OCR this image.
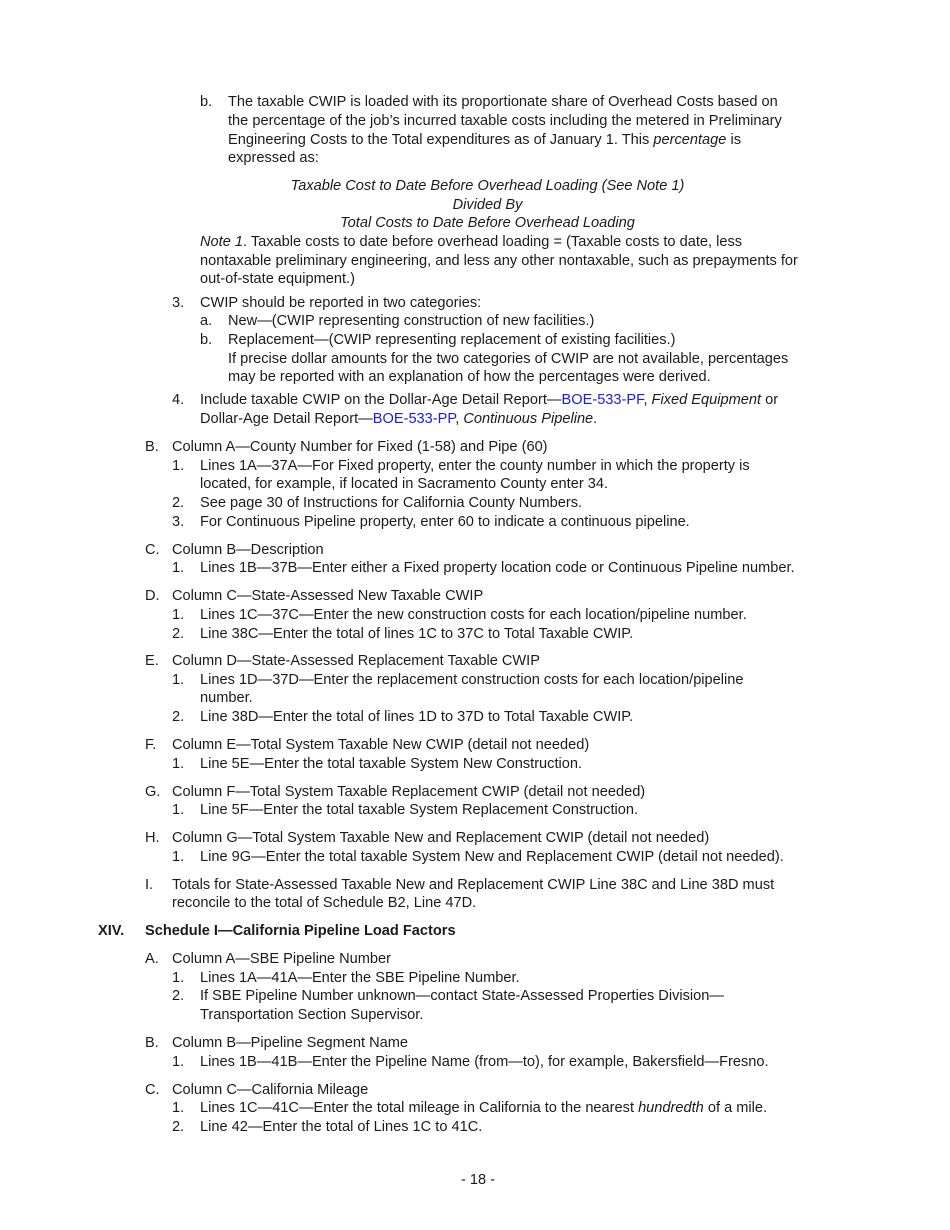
b. The taxable CWIP is loaded with its proportionate share of Overhead Costs based on
the percentage of the job’s incurred taxable costs including the metered in Preliminary
Engineering Costs to the Total expenditures as of January 1. This percentage is
expressed as:
Taxable Cost to Date Before Overhead Loading (See Note 1)
Divided By
Total Costs to Date Before Overhead Loading
Note 1. Taxable costs to date before overhead loading = (Taxable costs to date, less
nontaxable preliminary engineering, and less any other nontaxable, such as prepayments for
out-of-state equipment.)
3. CWIP should be reported in two categories:
a. New—(CWIP representing construction of new facilities.)
b. Replacement—(CWIP representing replacement of existing facilities.)
If precise dollar amounts for the two categories of CWIP are not available, percentages
may be reported with an explanation of how the percentages were derived.
4. Include taxable CWIP on the Dollar-Age Detail Report—BOE-533-PF, Fixed Equipment or
Dollar-Age Detail Report—BOE-533-PP, Continuous Pipeline.
B. Column A—County Number for Fixed (1-58) and Pipe (60)
1. Lines 1A—37A—For Fixed property, enter the county number in which the property is
located, for example, if located in Sacramento County enter 34.
2. See page 30 of Instructions for California County Numbers.
3. For Continuous Pipeline property, enter 60 to indicate a continuous pipeline.
C. Column B—Description
1. Lines 1B—37B—Enter either a Fixed property location code or Continuous Pipeline number.
D. Column C—State-Assessed New Taxable CWIP
1. Lines 1C—37C—Enter the new construction costs for each location/pipeline number.
2. Line 38C—Enter the total of lines 1C to 37C to Total Taxable CWIP.
E. Column D—State-Assessed Replacement Taxable CWIP
1. Lines 1D—37D—Enter the replacement construction costs for each location/pipeline
number.
2. Line 38D—Enter the total of lines 1D to 37D to Total Taxable CWIP.
F. Column E—Total System Taxable New CWIP (detail not needed)
1. Line 5E—Enter the total taxable System New Construction.
G. Column F—Total System Taxable Replacement CWIP (detail not needed)
1. Line 5F—Enter the total taxable System Replacement Construction.
H. Column G—Total System Taxable New and Replacement CWIP (detail not needed)
1. Line 9G—Enter the total taxable System New and Replacement CWIP (detail not needed).
I. Totals for State-Assessed Taxable New and Replacement CWIP Line 38C and Line 38D must
reconcile to the total of Schedule B2, Line 47D.
XIV. Schedule I—California Pipeline Load Factors
A. Column A—SBE Pipeline Number
1. Lines 1A—41A—Enter the SBE Pipeline Number.
2. If SBE Pipeline Number unknown—contact State-Assessed Properties Division—
Transportation Section Supervisor.
B. Column B—Pipeline Segment Name
1. Lines 1B—41B—Enter the Pipeline Name (from—to), for example, Bakersfield—Fresno.
C. Column C—California Mileage
1. Lines 1C—41C—Enter the total mileage in California to the nearest hundredth of a mile.
2. Line 42—Enter the total of Lines 1C to 41C.
- 18 -
